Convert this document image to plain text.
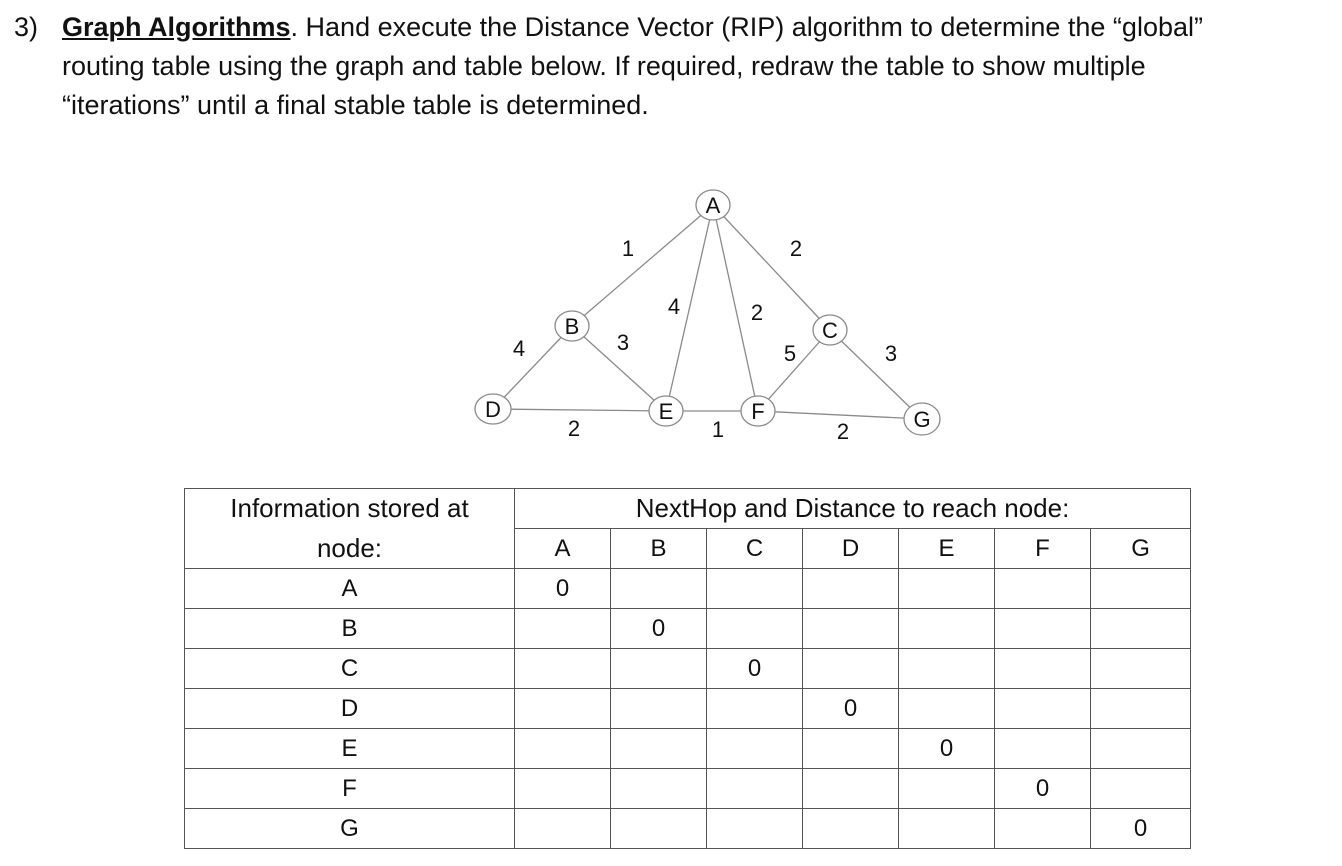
3) Graph Algorithms. Hand execute the Distance Vector (RIP) algorithm to determine the “global”
routing table using the graph and table below. If required, redraw the table to show multiple
“iterations” until a final stable table is determined.
1	2
4	2
4	3	5	3
2	1	2
A
B	C
D	E	F	G
Information stored at	NextHop and Distance to reach node:						
node:	A	B	C	D	E	F	G
A	0						
B		0					
C			0				
D				0			
E					0		
F						0	
G							0
